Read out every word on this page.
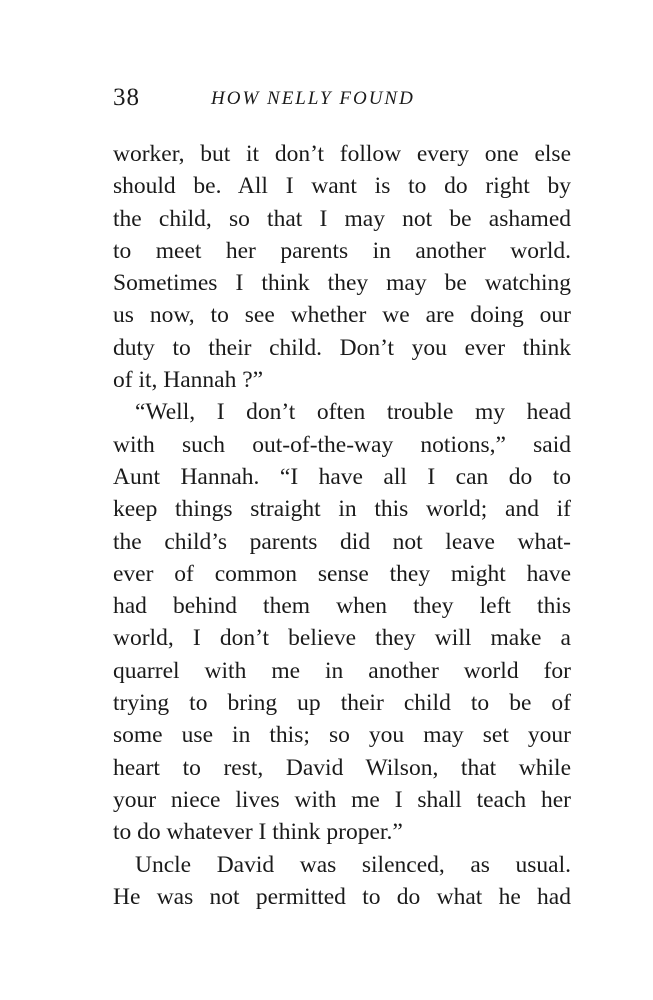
38	HOW NELLY FOUND
worker, but it don’t follow every one else
should be. All I want is to do right by
the child, so that I may not be ashamed
to meet her parents in another world.
Sometimes I think they may be watching
us now, to see whether we are doing our
duty to their child. Don’t you ever think
of it, Hannah ?”
“Well, I don’t often trouble my head
with such out-of-the-way notions,” said
Aunt Hannah. “I have all I can do to
keep things straight in this world; and if
the child’s parents did not leave what-
ever of common sense they might have
had behind them when they left this
world, I don’t believe they will make a
quarrel with me in another world for
trying to bring up their child to be of
some use in this; so you may set your
heart to rest, David Wilson, that while
your niece lives with me I shall teach her
to do whatever I think proper.”
Uncle David was silenced, as usual.
He was not permitted to do what he had
